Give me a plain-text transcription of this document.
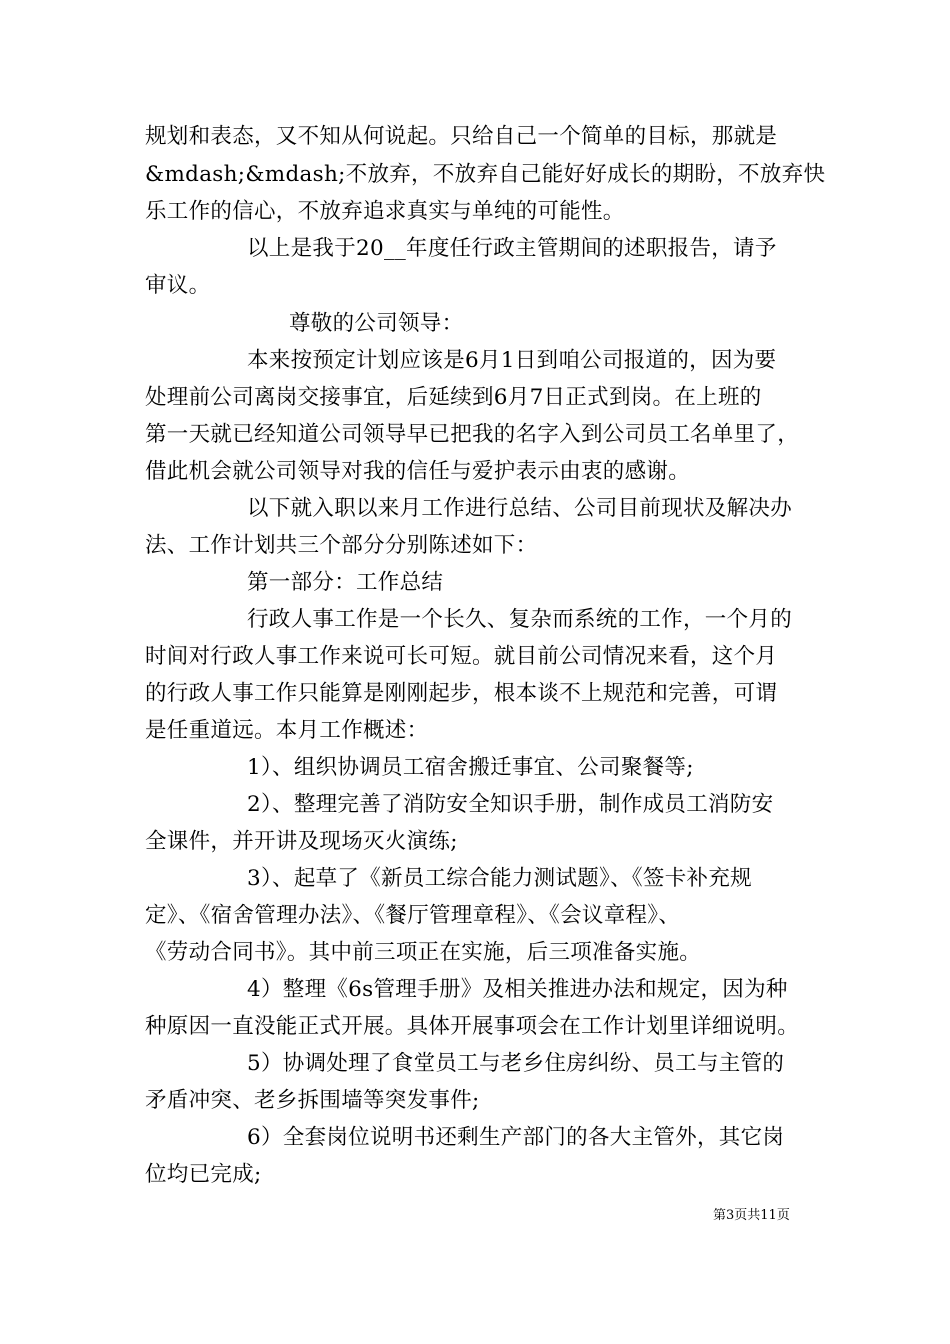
规划和表态，又不知从何说起。只给自己一个简单的目标，那就是

&mdash;&mdash;不放弃，不放弃自己能好好成长的期盼，不放弃快

乐工作的信心，不放弃追求真实与单纯的可能性。

以上是我于20__年度任行政主管期间的述职报告，请予

审议。

尊敬的公司领导：

本来按预定计划应该是6月1日到咱公司报道的，因为要

处理前公司离岗交接事宜，后延续到6月7日正式到岗。在上班的

第一天就已经知道公司领导早已把我的名字入到公司员工名单里了，

借此机会就公司领导对我的信任与爱护表示由衷的感谢。

以下就入职以来月工作进行总结、公司目前现状及解决办

法、工作计划共三个部分分别陈述如下：

第一部分：工作总结

行政人事工作是一个长久、复杂而系统的工作，一个月的

时间对行政人事工作来说可长可短。就目前公司情况来看，这个月

的行政人事工作只能算是刚刚起步，根本谈不上规范和完善，可谓

是任重道远。本月工作概述：

1）、组织协调员工宿舍搬迁事宜、公司聚餐等;

2）、整理完善了消防安全知识手册，制作成员工消防安

全课件，并开讲及现场灭火演练;

3）、起草了《新员工综合能力测试题》、《签卡补充规

定》、《宿舍管理办法》、《餐厅管理章程》、《会议章程》、

《劳动合同书》。其中前三项正在实施，后三项准备实施。

4）整理《6s管理手册》及相关推进办法和规定，因为种

种原因一直没能正式开展。具体开展事项会在工作计划里详细说明。

5）协调处理了食堂员工与老乡住房纠纷、员工与主管的

矛盾冲突、老乡拆围墙等突发事件;

6）全套岗位说明书还剩生产部门的各大主管外，其它岗

位均已完成;

第3页共11页
